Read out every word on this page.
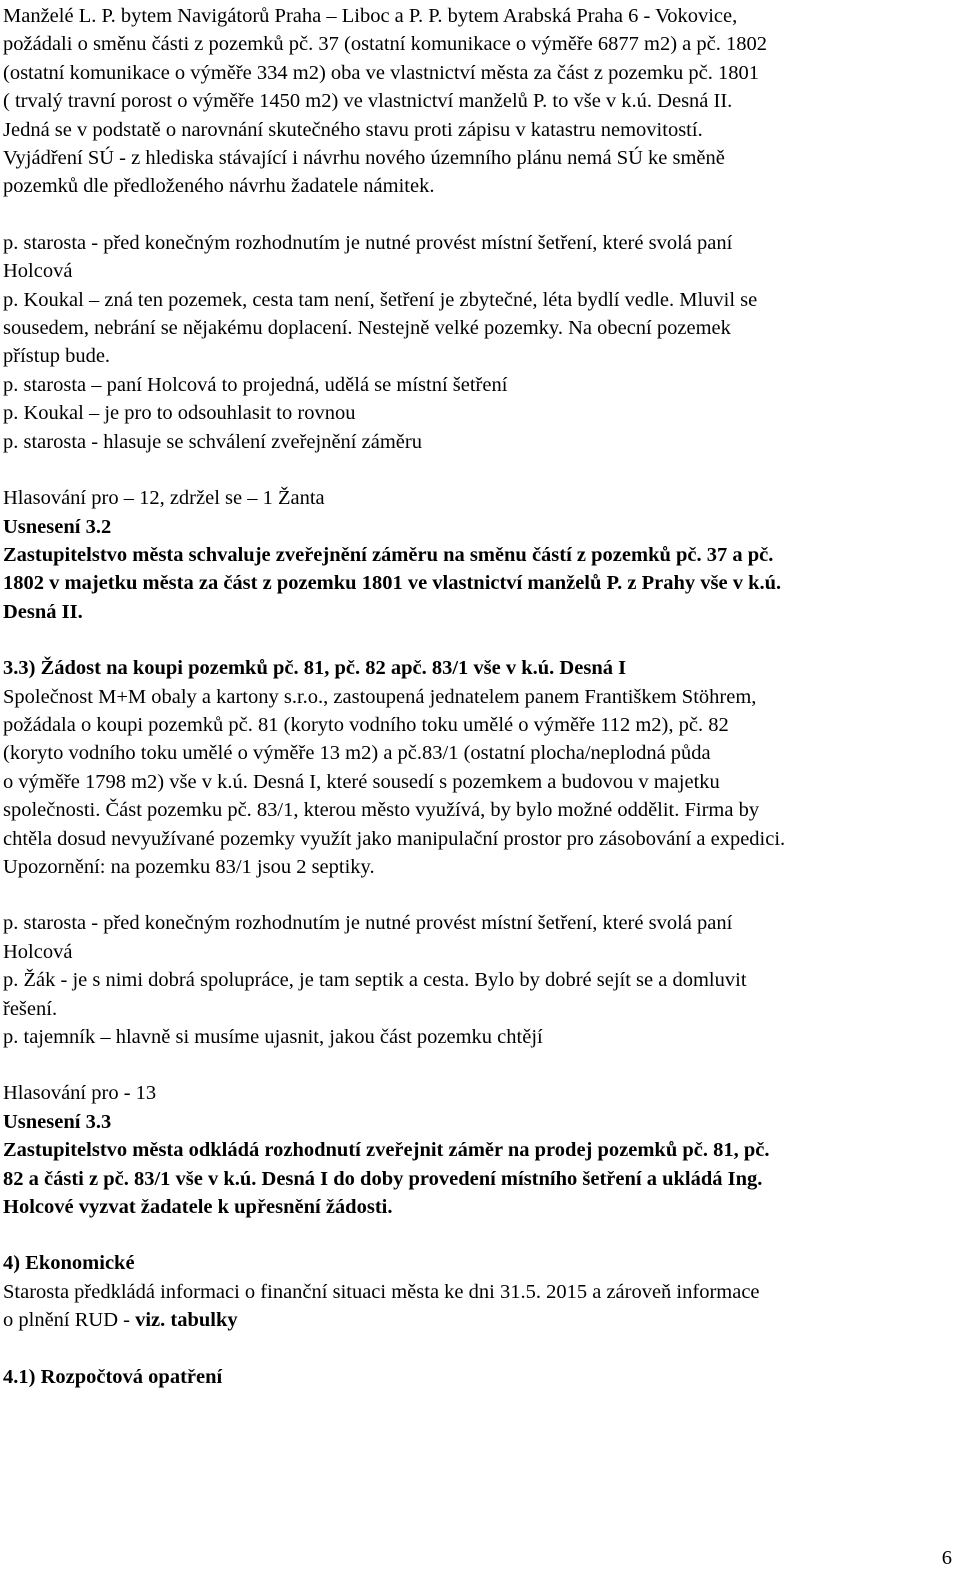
Manželé L. P. bytem Navigátorů Praha – Liboc a P. P. bytem Arabská Praha 6 - Vokovice,

požádali o směnu části z pozemků pč. 37 (ostatní komunikace o výměře 6877 m2) a pč. 1802

(ostatní komunikace o výměře 334 m2) oba ve vlastnictví města za část z pozemku pč. 1801

( trvalý travní porost o výměře 1450 m2) ve vlastnictví manželů P. to vše v k.ú. Desná II.

Jedná se v podstatě o narovnání skutečného stavu proti zápisu v katastru nemovitostí.

Vyjádření SÚ - z hlediska stávající i návrhu nového územního plánu nemá SÚ ke směně

pozemků dle předloženého návrhu žadatele námitek.

p. starosta - před konečným rozhodnutím je nutné provést místní šetření, které svolá paní

Holcová

p. Koukal – zná ten pozemek, cesta tam není, šetření je zbytečné, léta bydlí vedle. Mluvil se

sousedem, nebrání se nějakému doplacení. Nestejně velké pozemky. Na obecní pozemek

přístup bude.

p. starosta – paní Holcová to projedná, udělá se místní šetření

p. Koukal – je pro to odsouhlasit to rovnou

p. starosta - hlasuje se schválení zveřejnění záměru

Hlasování pro – 12, zdržel se – 1 Žanta

Usnesení 3.2

Zastupitelstvo města schvaluje zveřejnění záměru na směnu částí z pozemků pč. 37 a pč.

1802 v majetku města za část z pozemku 1801 ve vlastnictví manželů P. z Prahy vše v k.ú.

Desná II.

3.3) Žádost na koupi pozemků pč. 81, pč. 82 apč. 83/1 vše v k.ú. Desná I

Společnost M+M obaly a kartony s.r.o., zastoupená jednatelem panem Františkem Stöhrem,

požádala o koupi pozemků pč. 81 (koryto vodního toku umělé o výměře 112 m2), pč. 82

(koryto vodního toku umělé o výměře 13 m2) a pč.83/1 (ostatní plocha/neplodná půda

o výměře 1798 m2) vše v k.ú. Desná I, které sousedí s pozemkem a budovou v majetku

společnosti. Část pozemku pč. 83/1, kterou město využívá, by bylo možné oddělit. Firma by

chtěla dosud nevyužívané pozemky využít jako manipulační prostor pro zásobování a expedici.

Upozornění: na pozemku 83/1 jsou 2 septiky.

p. starosta - před konečným rozhodnutím je nutné provést místní šetření, které svolá paní

Holcová

p. Žák - je s nimi dobrá spolupráce, je tam septik a cesta. Bylo by dobré sejít se a domluvit

řešení.

p. tajemník – hlavně si musíme ujasnit, jakou část pozemku chtějí

Hlasování pro - 13

Usnesení 3.3

Zastupitelstvo města odkládá rozhodnutí zveřejnit záměr na prodej pozemků pč. 81, pč.

82 a části z pč. 83/1 vše v k.ú. Desná I do doby provedení místního šetření a ukládá Ing.

Holcové vyzvat žadatele k upřesnění žádosti.

4) Ekonomické

Starosta předkládá informaci o finanční situaci města ke dni 31.5. 2015 a zároveň informace

o plnění RUD - viz. tabulky

4.1) Rozpočtová opatření

6
